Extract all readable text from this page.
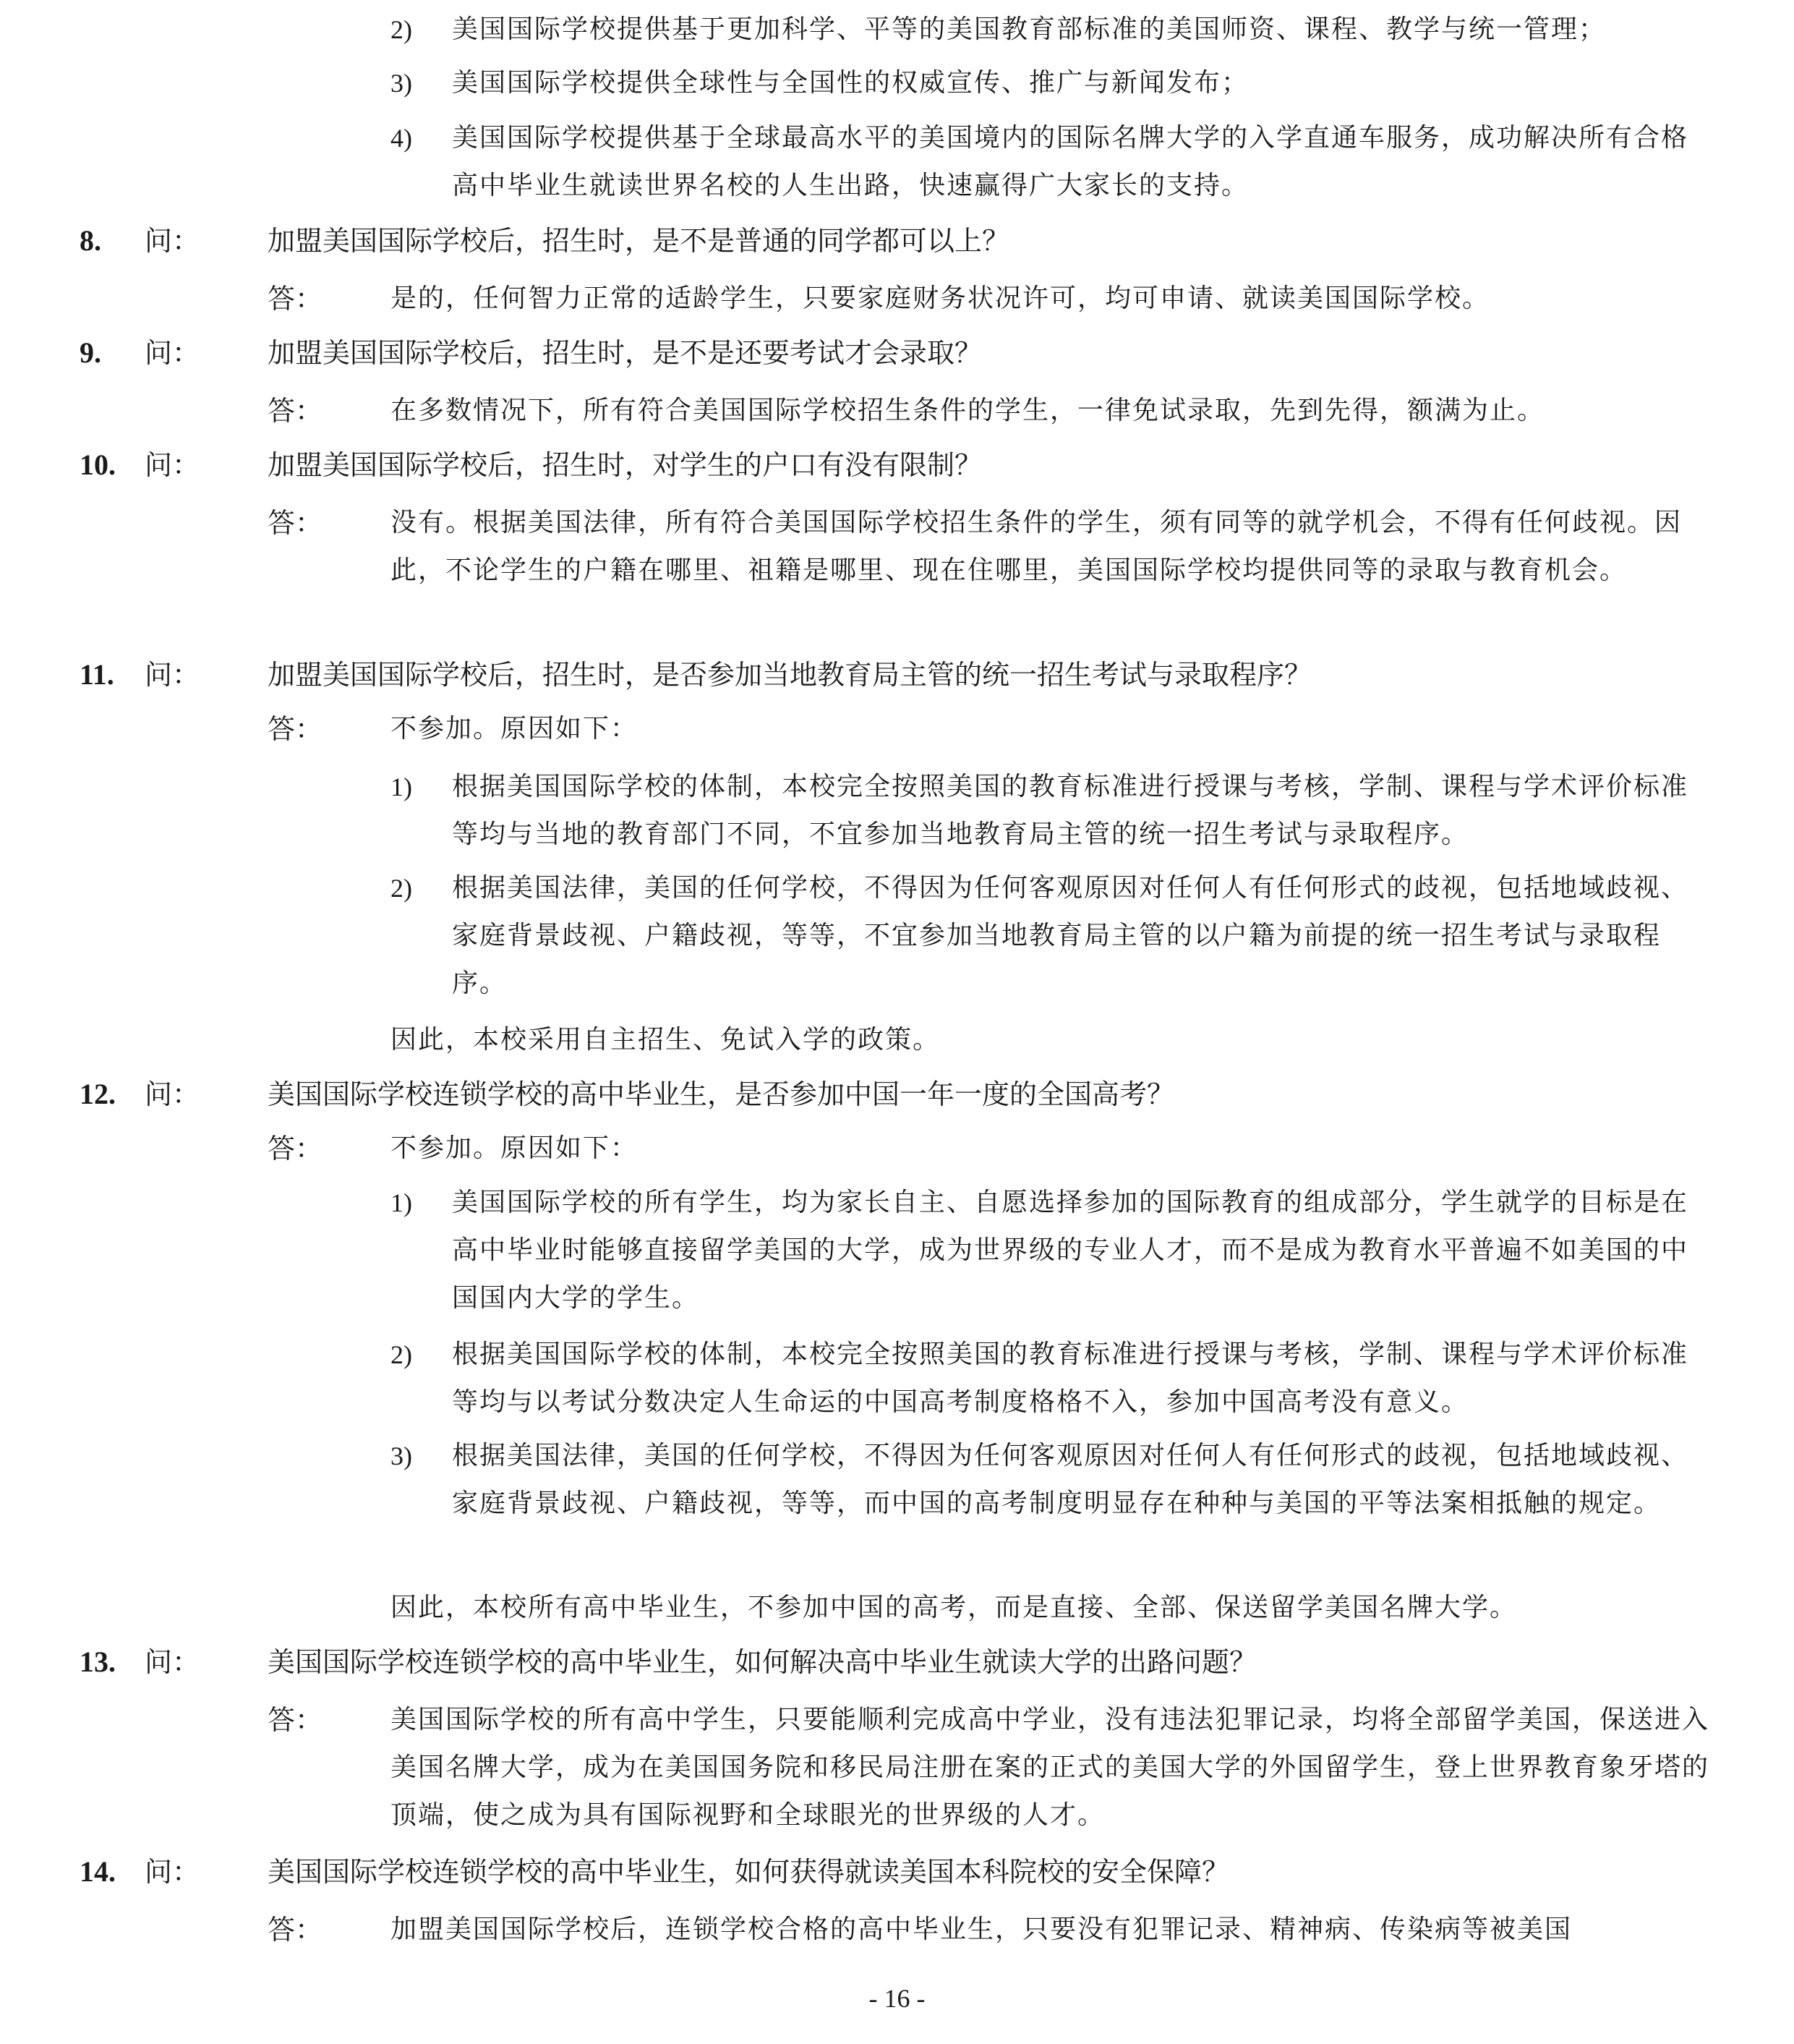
2) 美国国际学校提供基于更加科学、平等的美国教育部标准的美国师资、课程、教学与统一管理；
3) 美国国际学校提供全球性与全国性的权威宣传、推广与新闻发布；
4) 美国国际学校提供基于全球最高水平的美国境内的国际名牌大学的入学直通车服务，成功解决所有合格高中毕业生就读世界名校的人生出路，快速赢得广大家长的支持。
8. 问： 加盟美国国际学校后，招生时，是不是普通的同学都可以上？
答：	是的，任何智力正常的适龄学生，只要家庭财务状况许可，均可申请、就读美国国际学校。
9. 问： 加盟美国国际学校后，招生时，是不是还要考试才会录取？
答：	在多数情况下，所有符合美国国际学校招生条件的学生，一律免试录取，先到先得，额满为止。
10. 问： 加盟美国国际学校后，招生时，对学生的户口有没有限制？
答：	没有。根据美国法律，所有符合美国国际学校招生条件的学生，须有同等的就学机会，不得有任何歧视。因此，不论学生的户籍在哪里、祖籍是哪里、现在住哪里，美国国际学校均提供同等的录取与教育机会。
11. 问： 加盟美国国际学校后，招生时，是否参加当地教育局主管的统一招生考试与录取程序？
答：	不参加。原因如下：
1) 根据美国国际学校的体制，本校完全按照美国的教育标准进行授课与考核，学制、课程与学术评价标准等均与当地的教育部门不同，不宜参加当地教育局主管的统一招生考试与录取程序。
2) 根据美国法律，美国的任何学校，不得因为任何客观原因对任何人有任何形式的歧视，包括地域歧视、家庭背景歧视、户籍歧视，等等，不宜参加当地教育局主管的以户籍为前提的统一招生考试与录取程序。
因此，本校采用自主招生、免试入学的政策。
12. 问： 美国国际学校连锁学校的高中毕业生，是否参加中国一年一度的全国高考？
答：	不参加。原因如下：
1) 美国国际学校的所有学生，均为家长自主、自愿选择参加的国际教育的组成部分，学生就学的目标是在高中毕业时能够直接留学美国的大学，成为世界级的专业人才，而不是成为教育水平普遍不如美国的中国国内大学的学生。
2) 根据美国国际学校的体制，本校完全按照美国的教育标准进行授课与考核，学制、课程与学术评价标准等均与以考试分数决定人生命运的中国高考制度格格不入，参加中国高考没有意义。
3) 根据美国法律，美国的任何学校，不得因为任何客观原因对任何人有任何形式的歧视，包括地域歧视、家庭背景歧视、户籍歧视，等等，而中国的高考制度明显存在种种与美国的平等法案相抵触的规定。
因此，本校所有高中毕业生，不参加中国的高考，而是直接、全部、保送留学美国名牌大学。
13. 问： 美国国际学校连锁学校的高中毕业生，如何解决高中毕业生就读大学的出路问题？
答：	美国国际学校的所有高中学生，只要能顺利完成高中学业，没有违法犯罪记录，均将全部留学美国，保送进入美国名牌大学，成为在美国国务院和移民局注册在案的正式的美国大学的外国留学生，登上世界教育象牙塔的顶端，使之成为具有国际视野和全球眼光的世界级的人才。
14. 问： 美国国际学校连锁学校的高中毕业生，如何获得就读美国本科院校的安全保障？
答：	加盟美国国际学校后，连锁学校合格的高中毕业生，只要没有犯罪记录、精神病、传染病等被美国
- 16 -
